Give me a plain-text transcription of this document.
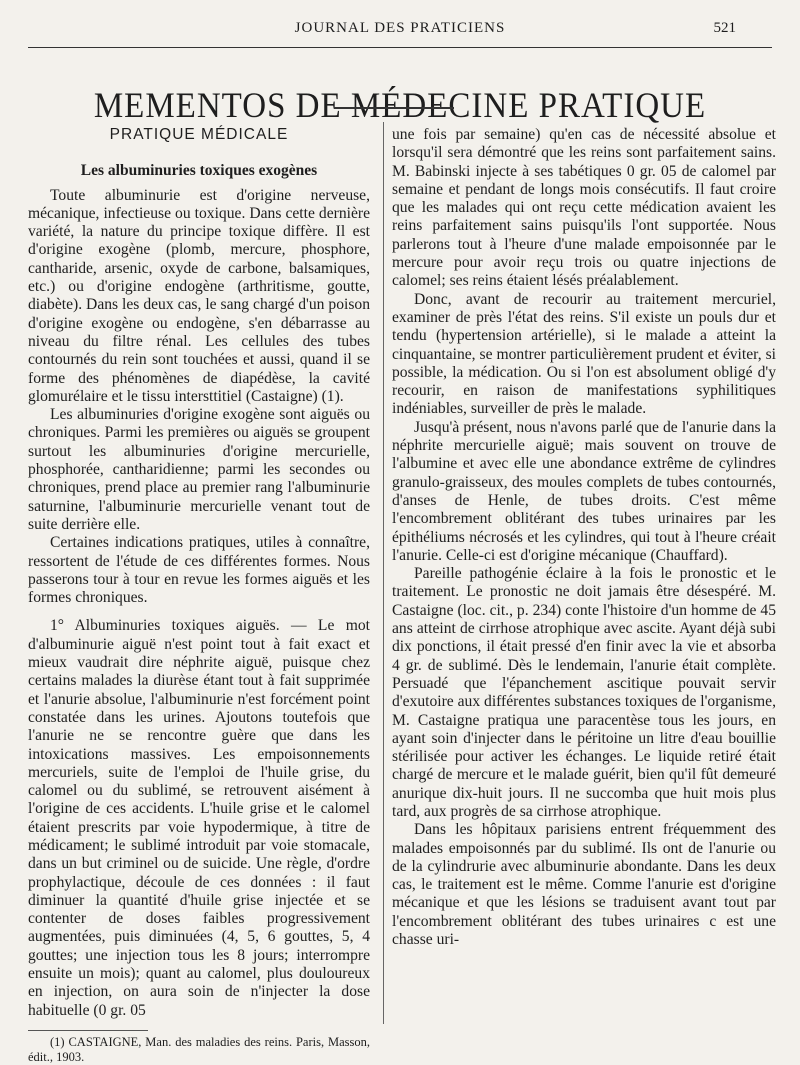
JOURNAL DES PRATICIENS	521
MEMENTOS DE MÉDECINE PRATIQUE
PRATIQUE MÉDICALE
Les albuminuries toxiques exogènes

Toute albuminurie est d'origine nerveuse, mécanique, infectieuse ou toxique. Dans cette dernière variété, la nature du principe toxique diffère. Il est d'origine exogène (plomb, mercure, phosphore, cantharide, arsenic, oxyde de carbone, balsamiques, etc.) ou d'origine endogène (arthritisme, goutte, diabète). Dans les deux cas, le sang chargé d'un poison d'origine exogène ou endogène, s'en débarrasse au niveau du filtre rénal. Les cellules des tubes contournés du rein sont touchées et aussi, quand il se forme des phénomènes de diapédèse, la cavité glomurélaire et le tissu intersttitiel (Castaigne) (1).

Les albuminuries d'origine exogène sont aiguës ou chroniques. Parmi les premières ou aiguës se groupent surtout les albuminuries d'origine mercurielle, phosphorée, cantharidienne; parmi les secondes ou chroniques, prend place au premier rang l'albuminurie saturnine, l'albuminurie mercurielle venant tout de suite derrière elle.

Certaines indications pratiques, utiles à connaître, ressortent de l'étude de ces différentes formes. Nous passerons tour à tour en revue les formes aiguës et les formes chroniques.

1° Albuminuries toxiques aiguës. — Le mot d'albuminurie aiguë n'est point tout à fait exact et mieux vaudrait dire néphrite aiguë, puisque chez certains malades la diurèse étant tout à fait supprimée et l'anurie absolue, l'albuminurie n'est forcément point constatée dans les urines. Ajoutons toutefois que l'anurie ne se rencontre guère que dans les intoxications massives. Les empoisonnements mercuriels, suite de l'emploi de l'huile grise, du calomel ou du sublimé, se retrouvent aisément à l'origine de ces accidents. L'huile grise et le calomel étaient prescrits par voie hypodermique, à titre de médicament; le sublimé introduit par voie stomacale, dans un but criminel ou de suicide. Une règle, d'ordre prophylactique, découle de ces données : il faut diminuer la quantité d'huile grise injectée et se contenter de doses faibles progressivement augmentées, puis diminuées (4, 5, 6 gouttes, 5, 4 gouttes; une injection tous les 8 jours; interrompre ensuite un mois); quant au calomel, plus douloureux en injection, on aura soin de n'injecter la dose habituelle (0 gr. 05

(1) CASTAIGNE, Man. des maladies des reins. Paris, Masson, édit., 1903.

une fois par semaine) qu'en cas de nécessité absolue et lorsqu'il sera démontré que les reins sont parfaitement sains. M. Babinski injecte à ses tabétiques 0 gr. 05 de calomel par semaine et pendant de longs mois consécutifs. Il faut croire que les malades qui ont reçu cette médication avaient les reins parfaitement sains puisqu'ils l'ont supportée. Nous parlerons tout à l'heure d'une malade empoisonnée par le mercure pour avoir reçu trois ou quatre injections de calomel; ses reins étaient lésés préalablement.

Donc, avant de recourir au traitement mercuriel, examiner de près l'état des reins. S'il existe un pouls dur et tendu (hypertension artérielle), si le malade a atteint la cinquantaine, se montrer particulièrement prudent et éviter, si possible, la médication. Ou si l'on est absolument obligé d'y recourir, en raison de manifestations syphilitiques indéniables, surveiller de près le malade.

Jusqu'à présent, nous n'avons parlé que de l'anurie dans la néphrite mercurielle aiguë; mais souvent on trouve de l'albumine et avec elle une abondance extrême de cylindres granulo-graisseux, des moules complets de tubes contournés, d'anses de Henle, de tubes droits. C'est même l'encombrement oblitérant des tubes urinaires par les épithéliums nécrosés et les cylindres, qui tout à l'heure créait l'anurie. Celle-ci est d'origine mécanique (Chauffard).

Pareille pathogénie éclaire à la fois le pronostic et le traitement. Le pronostic ne doit jamais être désespéré. M. Castaigne (loc. cit., p. 234) conte l'histoire d'un homme de 45 ans atteint de cirrhose atrophique avec ascite. Ayant déjà subi dix ponctions, il était pressé d'en finir avec la vie et absorba 4 gr. de sublimé. Dès le lendemain, l'anurie était complète. Persuadé que l'épanchement ascitique pouvait servir d'exutoire aux différentes substances toxiques de l'organisme, M. Castaigne pratiqua une paracentèse tous les jours, en ayant soin d'injecter dans le péritoine un litre d'eau bouillie stérilisée pour activer les échanges. Le liquide retiré était chargé de mercure et le malade guérit, bien qu'il fût demeuré anurique dix-huit jours. Il ne succomba que huit mois plus tard, aux progrès de sa cirrhose atrophique.

Dans les hôpitaux parisiens entrent fréquemment des malades empoisonnés par du sublimé. Ils ont de l'anurie ou de la cylindrurie avec albuminurie abondante. Dans les deux cas, le traitement est le même. Comme l'anurie est d'origine mécanique et que les lésions se traduisent avant tout par l'encombrement oblitérant des tubes urinaires c est une chasse uri-
